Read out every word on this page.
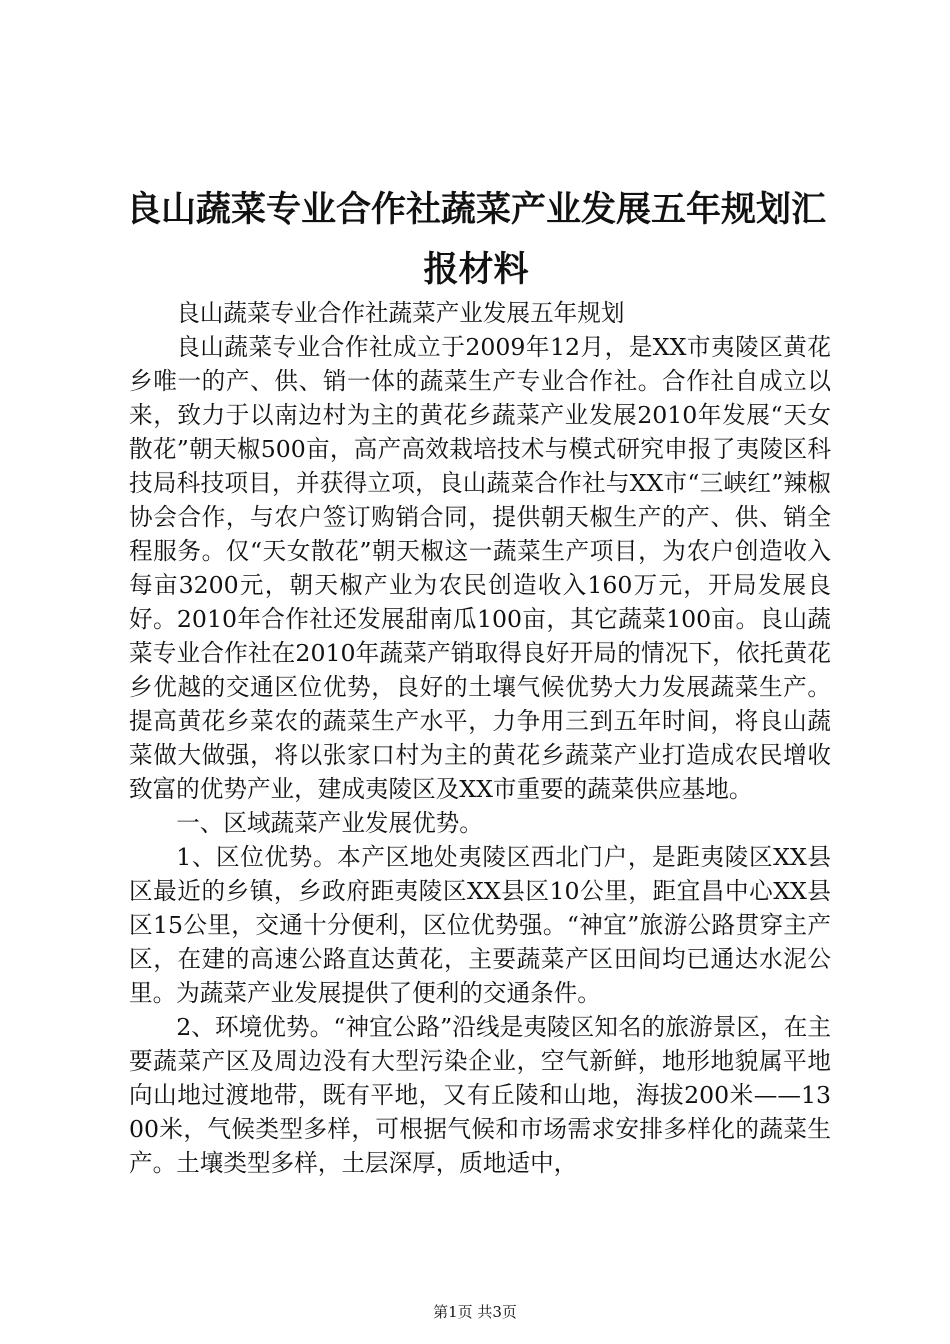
良山蔬菜专业合作社蔬菜产业发展五年规划汇报材料

良山蔬菜专业合作社蔬菜产业发展五年规划

良山蔬菜专业合作社成立于2009年12月，是XX市夷陵区黄花乡唯一的产、供、销一体的蔬菜生产专业合作社。合作社自成立以来，致力于以南边村为主的黄花乡蔬菜产业发展2010年发展“天女散花”朝天椒500亩，高产高效栽培技术与模式研究申报了夷陵区科技局科技项目，并获得立项，良山蔬菜合作社与XX市“三峡红”辣椒协会合作，与农户签订购销合同，提供朝天椒生产的产、供、销全程服务。仅“天女散花”朝天椒这一蔬菜生产项目，为农户创造收入每亩3200元，朝天椒产业为农民创造收入160万元，开局发展良好。2010年合作社还发展甜南瓜100亩，其它蔬菜100亩。良山蔬菜专业合作社在2010年蔬菜产销取得良好开局的情况下，依托黄花乡优越的交通区位优势，良好的土壤气候优势大力发展蔬菜生产。提高黄花乡菜农的蔬菜生产水平，力争用三到五年时间，将良山蔬菜做大做强，将以张家口村为主的黄花乡蔬菜产业打造成农民增收致富的优势产业，建成夷陵区及XX市重要的蔬菜供应基地。

一、区域蔬菜产业发展优势。

1、区位优势。本产区地处夷陵区西北门户，是距夷陵区XX县区最近的乡镇，乡政府距夷陵区XX县区10公里，距宜昌中心XX县区15公里，交通十分便利，区位优势强。“神宜”旅游公路贯穿主产区，在建的高速公路直达黄花，主要蔬菜产区田间均已通达水泥公里。为蔬菜产业发展提供了便利的交通条件。

2、环境优势。“神宜公路”沿线是夷陵区知名的旅游景区，在主要蔬菜产区及周边没有大型污染企业，空气新鲜，地形地貌属平地向山地过渡地带，既有平地，又有丘陵和山地，海拔200米——1300米，气候类型多样，可根据气候和市场需求安排多样化的蔬菜生产。土壤类型多样，土层深厚，质地适中，

第1页 共3页
